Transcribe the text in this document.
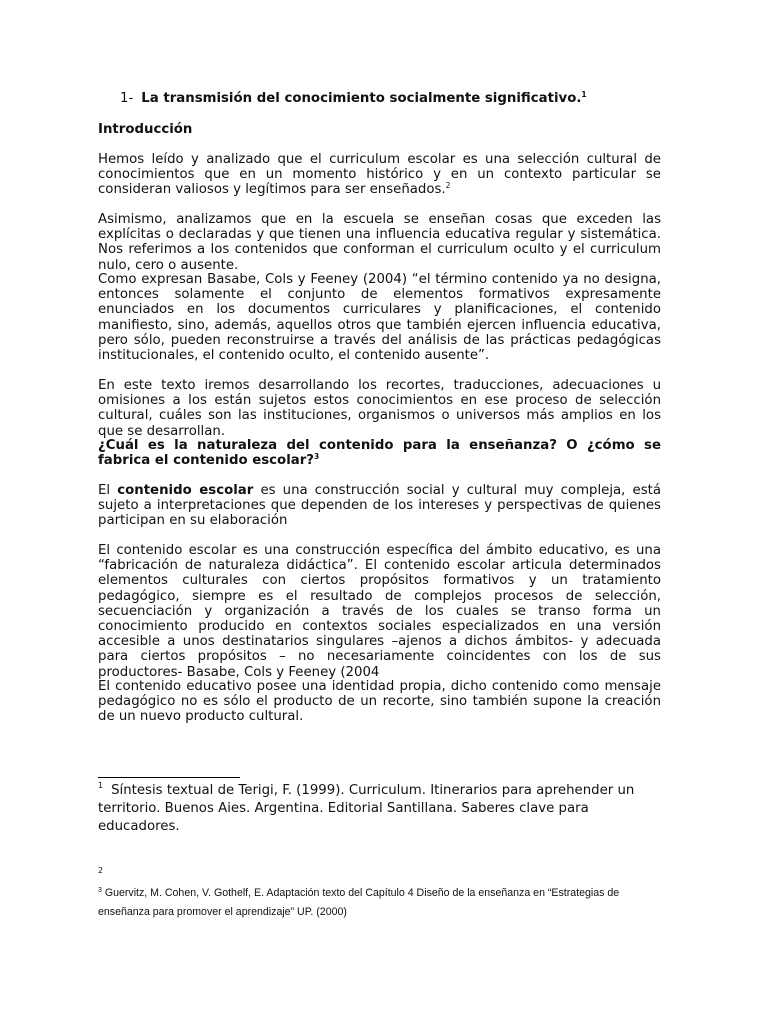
1- La transmisión del conocimiento socialmente significativo.$^1$

Introducción

Hemos leído y analizado que el curriculum escolar es una selección cultural de conocimientos que en un momento histórico y en un contexto particular se consideran valiosos y legítimos para ser enseñados.$^2$

Asimismo, analizamos que en la escuela se enseñan cosas que exceden las explícitas o declaradas y que tienen una influencia educativa regular y sistemática. Nos referimos a los contenidos que conforman el curriculum oculto y el curriculum nulo, cero o ausente.

Como expresan Basabe, Cols y Feeney (2004) “el término contenido ya no designa, entonces solamente el conjunto de elementos formativos expresamente enunciados en los documentos curriculares y planificaciones, el contenido manifiesto, sino, además, aquellos otros que también ejercen influencia educativa, pero sólo, pueden reconstruirse a través del análisis de las prácticas pedagógicas institucionales, el contenido oculto, el contenido ausente”.

En este texto iremos desarrollando los recortes, traducciones, adecuaciones u omisiones a los están sujetos estos conocimientos en ese proceso de selección cultural, cuáles son las instituciones, organismos o universos más amplios en los que se desarrollan.

¿Cuál es la naturaleza del contenido para la enseñanza? O ¿cómo se fabrica el contenido escolar?$^3$

El contenido escolar es una construcción social y cultural muy compleja, está sujeto a interpretaciones que dependen de los intereses y perspectivas de quienes participan en su elaboración

El contenido escolar es una construcción específica del ámbito educativo, es una “fabricación de naturaleza didáctica”. El contenido escolar articula determinados elementos culturales con ciertos propósitos formativos y un tratamiento pedagógico, siempre es el resultado de complejos procesos de selección, secuenciación y organización a través de los cuales se transo forma un conocimiento producido en contextos sociales especializados en una versión accesible a unos destinatarios singulares –ajenos a dichos ámbitos- y adecuada para ciertos propósitos – no necesariamente coincidentes con los de sus productores- Basabe, Cols y Feeney (2004

El contenido educativo posee una identidad propia, dicho contenido como mensaje pedagógico no es sólo el producto de un recorte, sino también supone la creación de un nuevo producto cultural.

$^1$ Síntesis textual de Terigi, F. (1999). Curriculum. Itinerarios para aprehender un territorio. Buenos Aies. Argentina. Editorial Santillana. Saberes clave para educadores.

2

$^3$ Guervitz, M. Cohen, V. Gothelf, E. Adaptación texto del Capítulo 4 Diseño de la enseñanza en “Estrategias de enseñanza para promover el aprendizaje” UP. (2000)
